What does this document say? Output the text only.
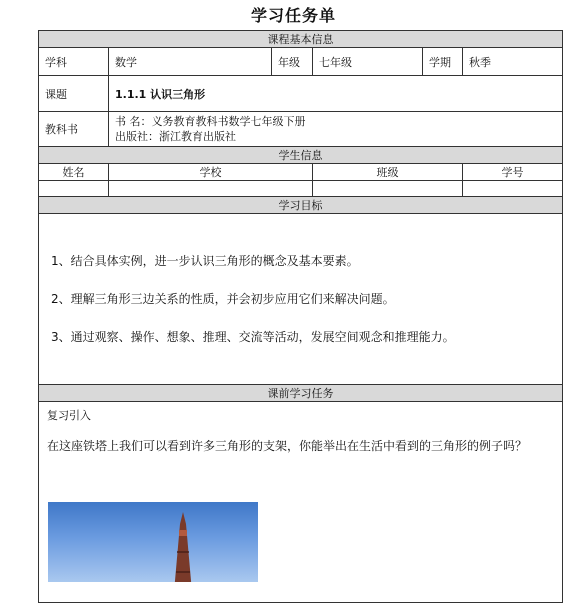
学习任务单
课程基本信息					
学科	数学	年级	七年级	学期	秋季
课题	1.1.1 认识三角形				
教科书	书 名：义务教育教科书数学七年级下册
出版社：浙江教育出版社				

学生信息					
姓名	学校		班级		学号

学习目标					

1、结合具体实例，进一步认识三角形的概念及基本要素。

2、理解三角形三边关系的性质，并会初步应用它们来解决问题。

3、通过观察、操作、想象、推理、交流等活动，发展空间观念和推理能力。					

课前学习任务					

复习引入
在这座铁塔上我们可以看到许多三角形的支架，你能举出在生活中看到的三角形的例子吗？					
